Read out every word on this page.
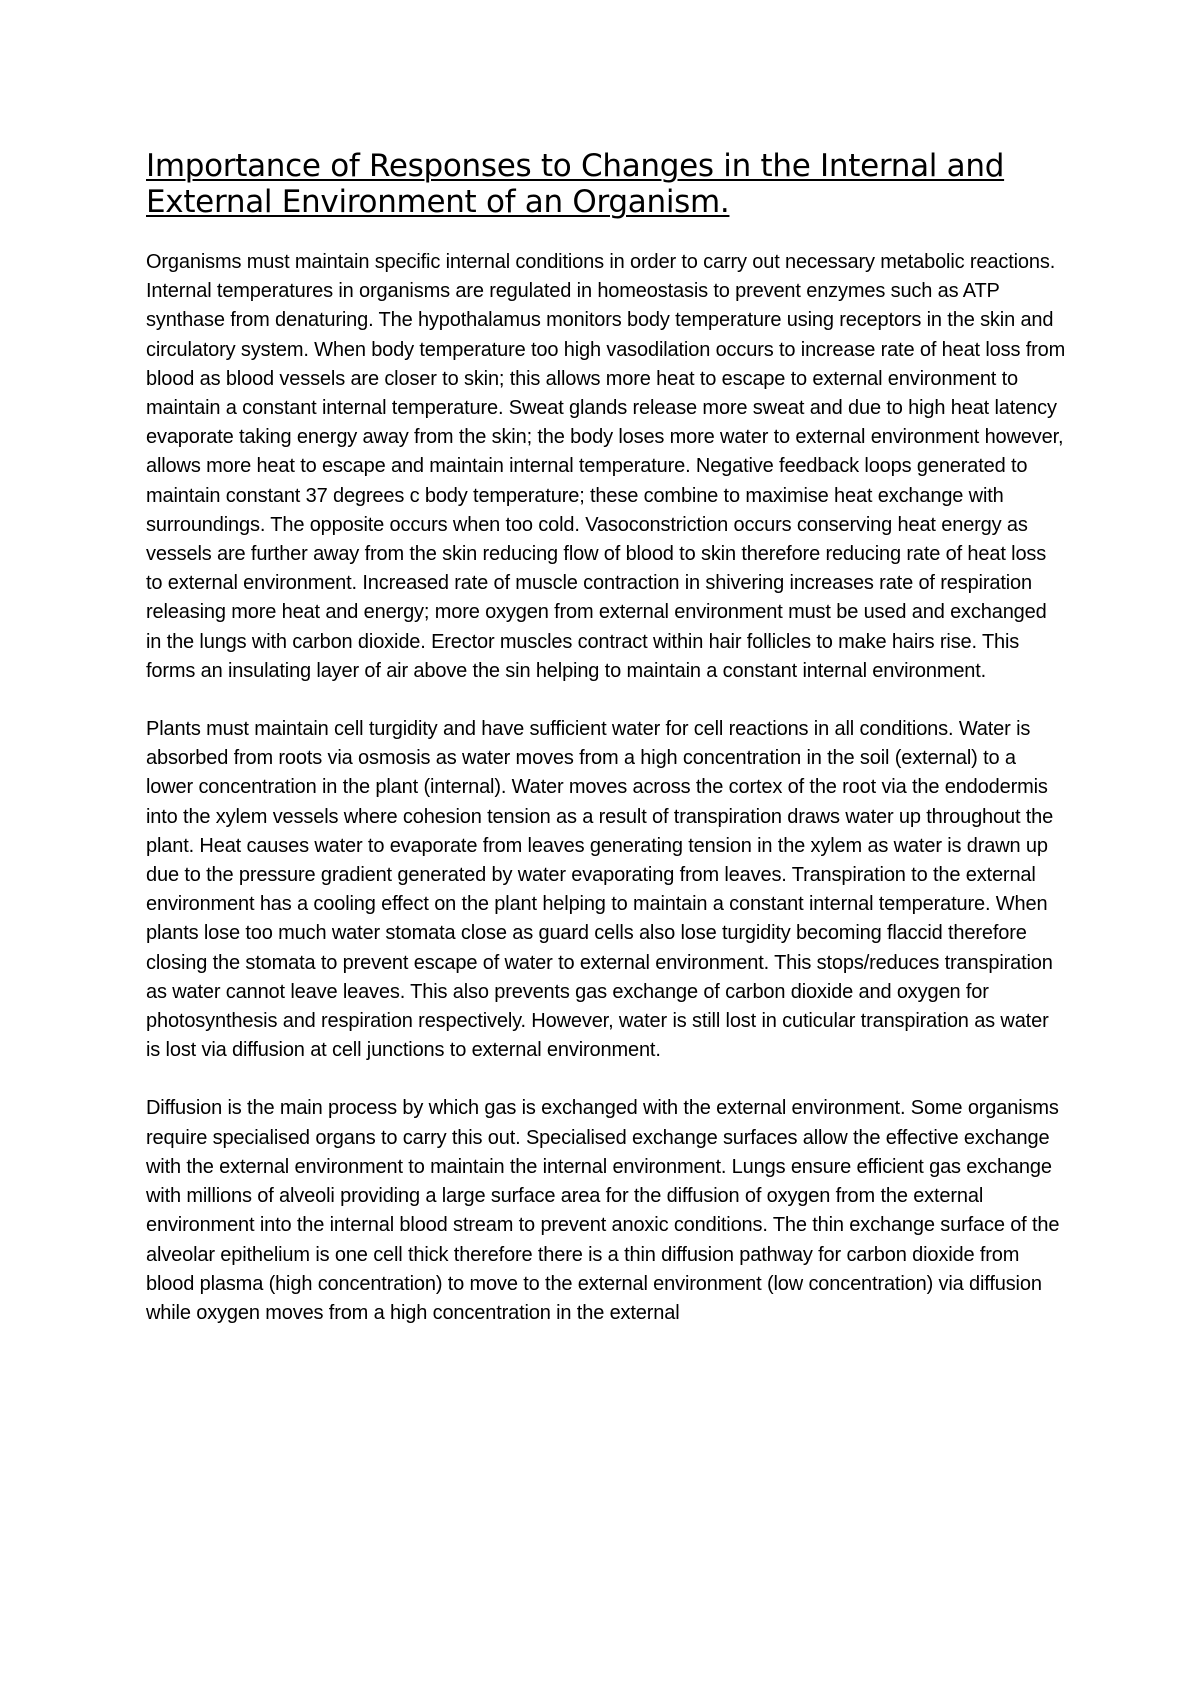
Importance of Responses to Changes in the Internal and External Environment of an Organism.

Organisms must maintain specific internal conditions in order to carry out necessary metabolic reactions. Internal temperatures in organisms are regulated in homeostasis to prevent enzymes such as ATP synthase from denaturing. The hypothalamus monitors body temperature using receptors in the skin and circulatory system. When body temperature too high vasodilation occurs to increase rate of heat loss from blood as blood vessels are closer to skin; this allows more heat to escape to external environment to maintain a constant internal temperature. Sweat glands release more sweat and due to high heat latency evaporate taking energy away from the skin; the body loses more water to external environment however, allows more heat to escape and maintain internal temperature. Negative feedback loops generated to maintain constant 37 degrees c body temperature; these combine to maximise heat exchange with surroundings. The opposite occurs when too cold. Vasoconstriction occurs conserving heat energy as vessels are further away from the skin reducing flow of blood to skin therefore reducing rate of heat loss to external environment. Increased rate of muscle contraction in shivering increases rate of respiration releasing more heat and energy; more oxygen from external environment must be used and exchanged in the lungs with carbon dioxide. Erector muscles contract within hair follicles to make hairs rise. This forms an insulating layer of air above the sin helping to maintain a constant internal environment.

Plants must maintain cell turgidity and have sufficient water for cell reactions in all conditions. Water is absorbed from roots via osmosis as water moves from a high concentration in the soil (external) to a lower concentration in the plant (internal). Water moves across the cortex of the root via the endodermis into the xylem vessels where cohesion tension as a result of transpiration draws water up throughout the plant. Heat causes water to evaporate from leaves generating tension in the xylem as water is drawn up due to the pressure gradient generated by water evaporating from leaves. Transpiration to the external environment has a cooling effect on the plant helping to maintain a constant internal temperature. When plants lose too much water stomata close as guard cells also lose turgidity becoming flaccid therefore closing the stomata to prevent escape of water to external environment. This stops/reduces transpiration as water cannot leave leaves. This also prevents gas exchange of carbon dioxide and oxygen for photosynthesis and respiration respectively. However, water is still lost in cuticular transpiration as water is lost via diffusion at cell junctions to external environment.

Diffusion is the main process by which gas is exchanged with the external environment. Some organisms require specialised organs to carry this out. Specialised exchange surfaces allow the effective exchange with the external environment to maintain the internal environment. Lungs ensure efficient gas exchange with millions of alveoli providing a large surface area for the diffusion of oxygen from the external environment into the internal blood stream to prevent anoxic conditions. The thin exchange surface of the alveolar epithelium is one cell thick therefore there is a thin diffusion pathway for carbon dioxide from blood plasma (high concentration) to move to the external environment (low concentration) via diffusion while oxygen moves from a high concentration in the external
